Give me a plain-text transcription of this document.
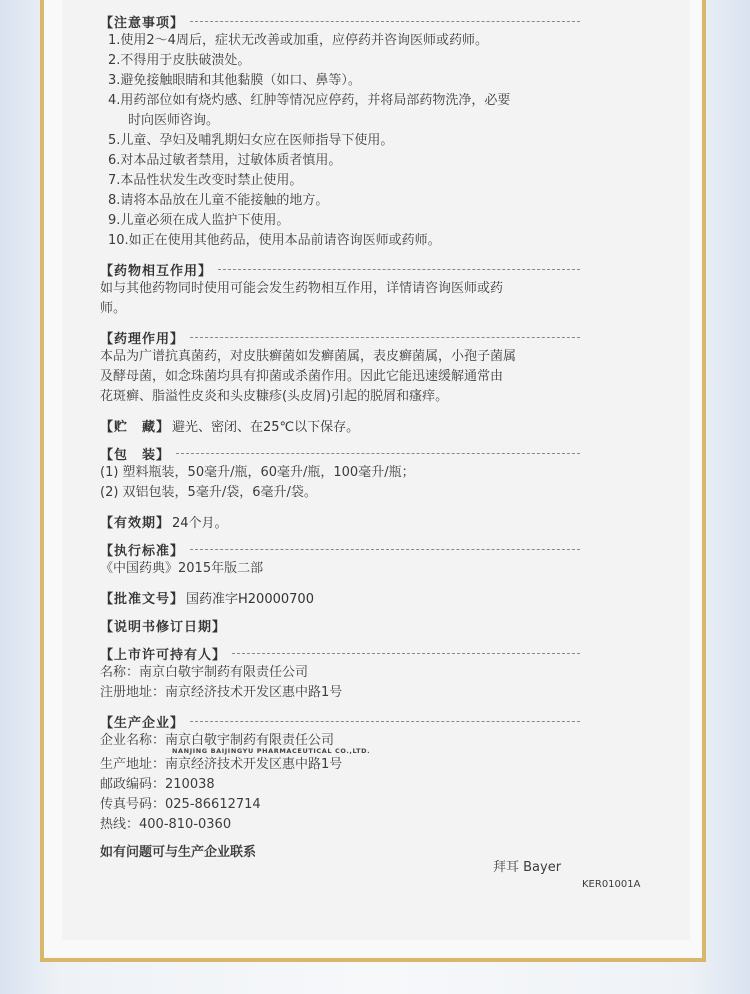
【注意事项】
1.使用2～4周后，症状无改善或加重，应停药并咨询医师或药师。
2.不得用于皮肤破溃处。
3.避免接触眼睛和其他黏膜（如口、鼻等）。
4.用药部位如有烧灼感、红肿等情况应停药，并将局部药物洗净，必要
时向医师咨询。
5.儿童、孕妇及哺乳期妇女应在医师指导下使用。
6.对本品过敏者禁用，过敏体质者慎用。
7.本品性状发生改变时禁止使用。
8.请将本品放在儿童不能接触的地方。
9.儿童必须在成人监护下使用。
10.如正在使用其他药品，使用本品前请咨询医师或药师。
【药物相互作用】
如与其他药物同时使用可能会发生药物相互作用，详情请咨询医师或药
师。
【药理作用】
本品为广谱抗真菌药，对皮肤癣菌如发癣菌属，表皮癣菌属，小孢子菌属
及酵母菌，如念珠菌均具有抑菌或杀菌作用。因此它能迅速缓解通常由
花斑癣、脂溢性皮炎和头皮糠疹(头皮屑)引起的脱屑和瘙痒。
【贮　藏】 避光、密闭、在25℃以下保存。
【包　装】
(1) 塑料瓶装，50毫升/瓶，60毫升/瓶，100毫升/瓶；
(2) 双铝包装，5毫升/袋，6毫升/袋。
【有效期】 24个月。
【执行标准】
《中国药典》2015年版二部
【批准文号】 国药准字H20000700
【说明书修订日期】
【上市许可持有人】
名称：南京白敬宇制药有限责任公司
注册地址：南京经济技术开发区惠中路1号
【生产企业】
企业名称：南京白敬宇制药有限责任公司
NANJING BAIJINGYU PHARMACEUTICAL CO.,LTD.
生产地址：南京经济技术开发区惠中路1号
邮政编码：210038
传真号码：025-86612714
热线：400-810-0360
如有问题可与生产企业联系
拜耳 Bayer
KER01001A
